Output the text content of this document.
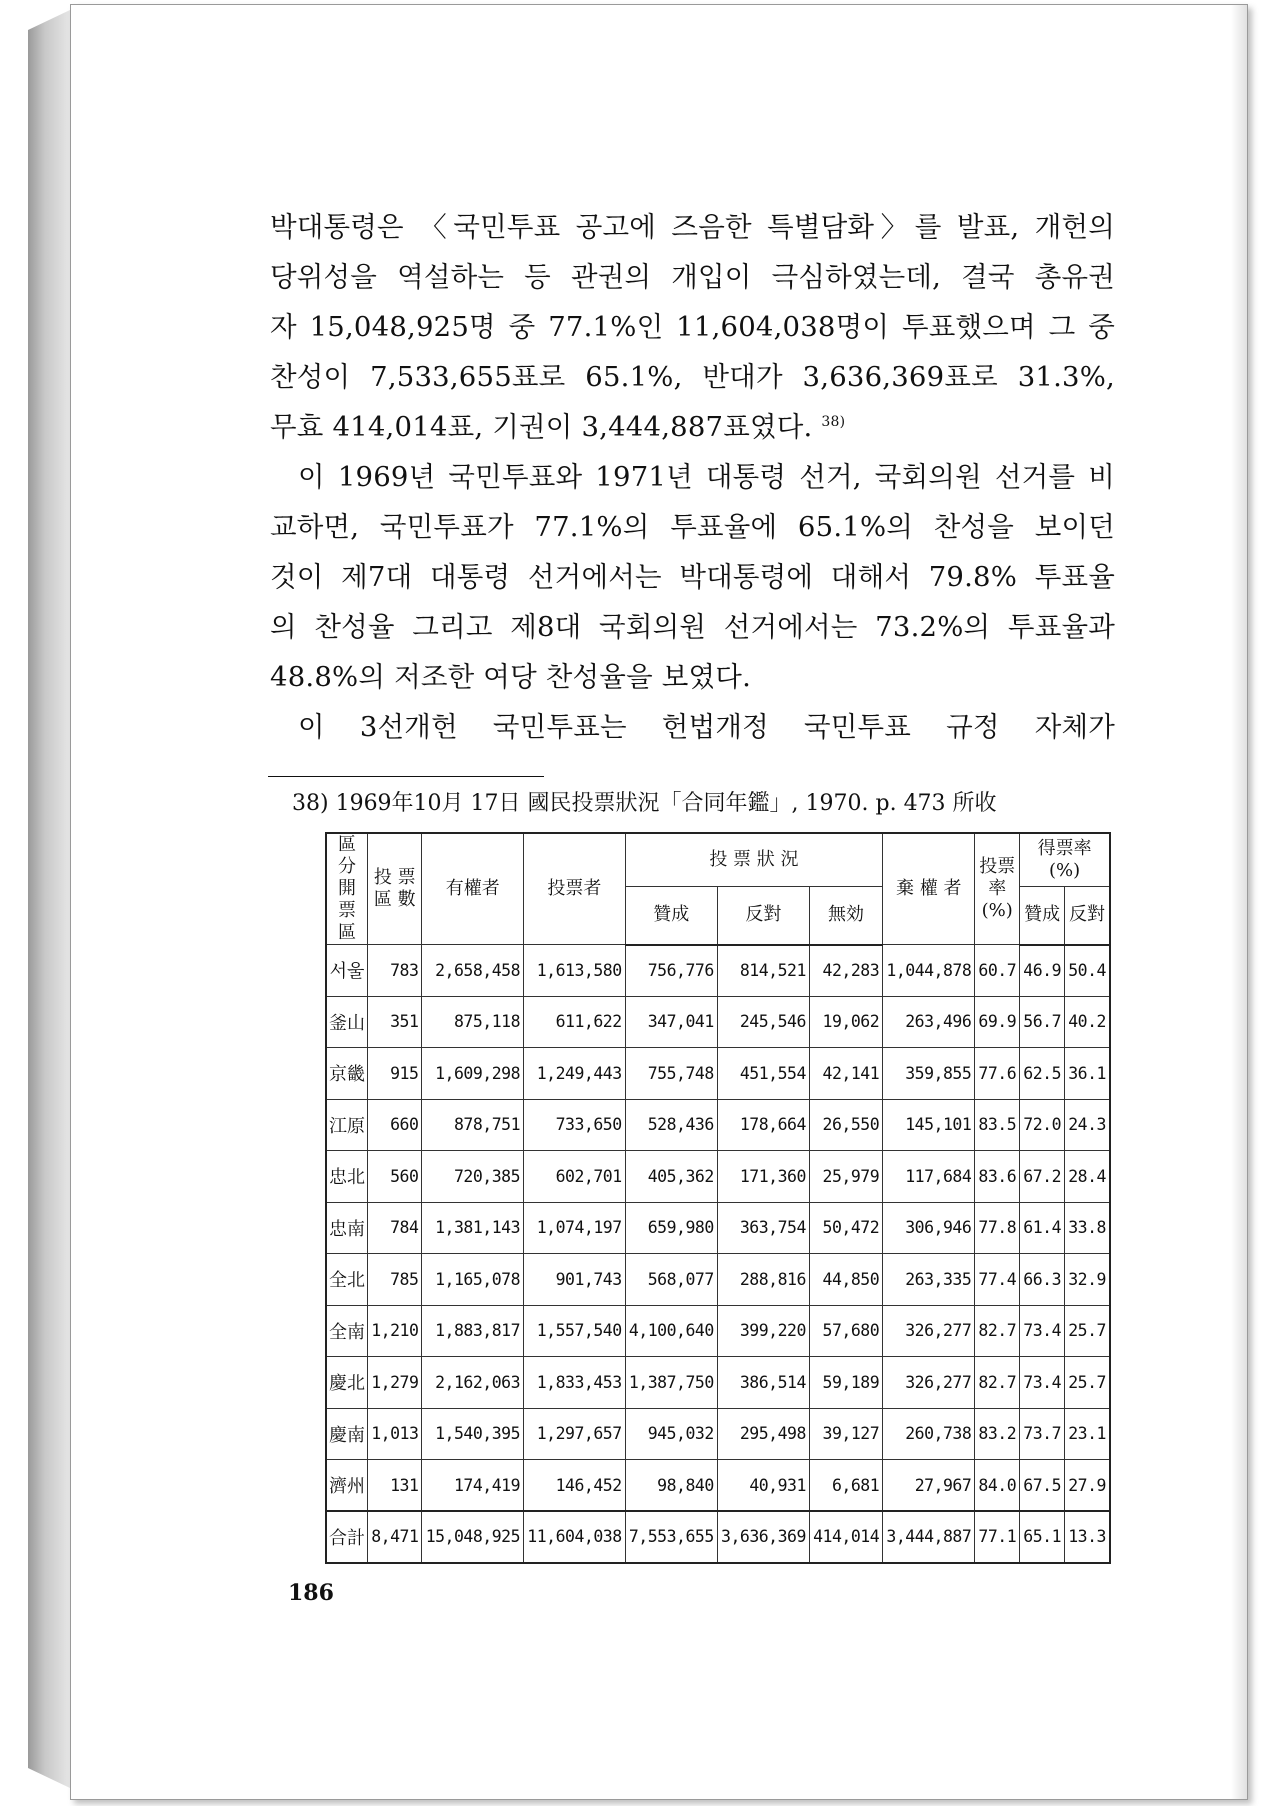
박대통령은 〈국민투표 공고에 즈음한 특별담화〉를 발표, 개헌의
당위성을 역설하는 등 관권의 개입이 극심하였는데, 결국 총유권
자 15,048,925명 중 77.1%인 11,604,038명이 투표했으며 그 중
찬성이 7,533,655표로 65.1%, 반대가 3,636,369표로 31.3%,
무효 414,014표, 기권이 3,444,887표였다. $^{38)}$
이 1969년 국민투표와 1971년 대통령 선거, 국회의원 선거를 비
교하면, 국민투표가 77.1%의 투표율에 65.1%의 찬성을 보이던
것이 제7대 대통령 선거에서는 박대통령에 대해서 79.8% 투표율
의 찬성율 그리고 제8대 국회의원 선거에서는 73.2%의 투표율과
48.8%의 저조한 여당 찬성율을 보였다.
이 3선개헌 국민투표는 헌법개정 국민투표 규정 자체가
38) 1969年10月 17日 國民投票狀況「合同年鑑」, 1970. p. 473 所收
區分 開票區	投 票 區 數	有權者	投票者	投 票 狀 況			棄 權 者	投票 率 (%)	得票率 (%)	
				贊成	反對	無効			贊成	反對
서울	783	2,658,458	1,613,580	756,776	814,521	42,283	1,044,878	60.7	46.9	50.4
釜山	351	875,118	611,622	347,041	245,546	19,062	263,496	69.9	56.7	40.2
京畿	915	1,609,298	1,249,443	755,748	451,554	42,141	359,855	77.6	62.5	36.1
江原	660	878,751	733,650	528,436	178,664	26,550	145,101	83.5	72.0	24.3
忠北	560	720,385	602,701	405,362	171,360	25,979	117,684	83.6	67.2	28.4
忠南	784	1,381,143	1,074,197	659,980	363,754	50,472	306,946	77.8	61.4	33.8
全北	785	1,165,078	901,743	568,077	288,816	44,850	263,335	77.4	66.3	32.9
全南	1,210	1,883,817	1,557,540	4,100,640	399,220	57,680	326,277	82.7	73.4	25.7
慶北	1,279	2,162,063	1,833,453	1,387,750	386,514	59,189	326,277	82.7	73.4	25.7
慶南	1,013	1,540,395	1,297,657	945,032	295,498	39,127	260,738	83.2	73.7	23.1
濟州	131	174,419	146,452	98,840	40,931	6,681	27,967	84.0	67.5	27.9
合計	8,471	15,048,925	11,604,038	7,553,655	3,636,369	414,014	3,444,887	77.1	65.1	13.3
186
